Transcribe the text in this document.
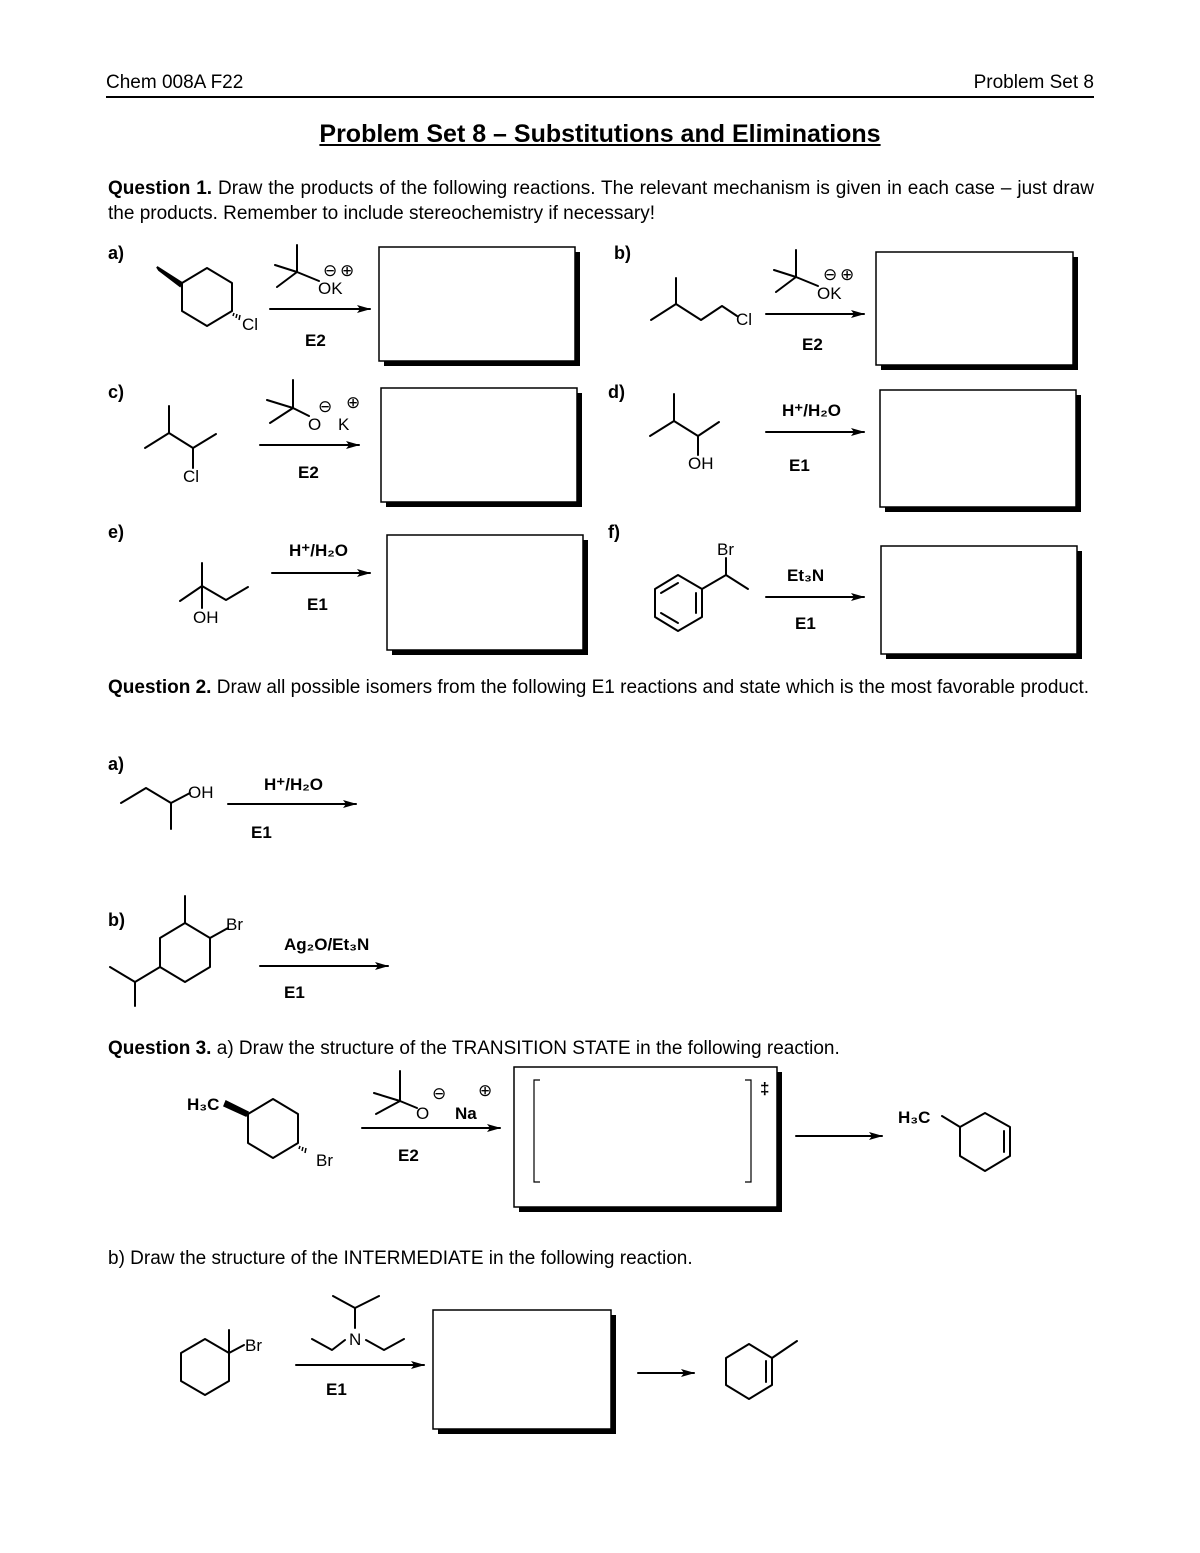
Chem 008A F22	Problem Set 8
Problem Set 8 – Substitutions and Eliminations
Question 1. Draw the products of the following reactions. The relevant mechanism is given in each case – just draw the products. Remember to include stereochemistry if necessary!
Question 2. Draw all possible isomers from the following E1 reactions and state which is the most favorable product.
Question 3. a) Draw the structure of the TRANSITION STATE in the following reaction.
b) Draw the structure of the INTERMEDIATE in the following reaction.
a)
Cl
OK
⊖ ⊕
E2
b)
Cl
OK
⊖ ⊕
E2
c)
Cl
O
⊖
K
⊕
E2
d)
OH
H⁺/H₂O
E1
e)
OH
H⁺/H₂O
E1
f)
Br
Et₃N
E1
a)
OH	H⁺/H₂O
E1
b)	Br
Ag₂O/Et₃N
E1
H₃C
Br
O
⊖
Na
⊕
E2
‡
H₃C
Br	N
E1
